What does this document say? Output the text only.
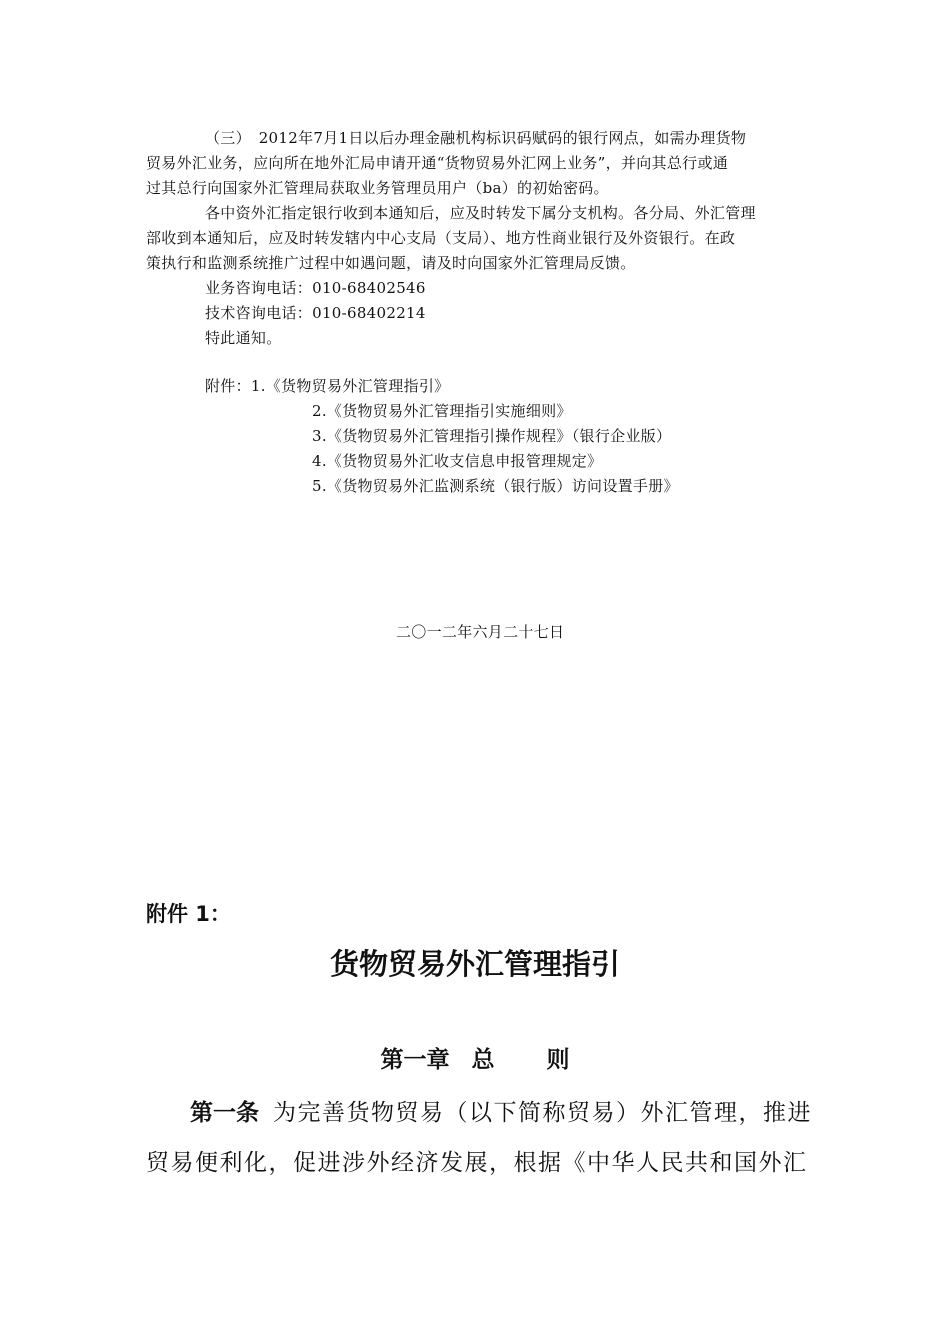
（三）　2012年7月1日以后办理金融机构标识码赋码的银行网点，如需办理货物
贸易外汇业务，应向所在地外汇局申请开通“货物贸易外汇网上业务”，并向其总行或通
过其总行向国家外汇管理局获取业务管理员用户（ba）的初始密码。
各中资外汇指定银行收到本通知后，应及时转发下属分支机构。各分局、外汇管理
部收到本通知后，应及时转发辖内中心支局（支局）、地方性商业银行及外资银行。在政
策执行和监测系统推广过程中如遇问题，请及时向国家外汇管理局反馈。
业务咨询电话：010-68402546
技术咨询电话：010-68402214
特此通知。
附件：1.《货物贸易外汇管理指引》
2.《货物贸易外汇管理指引实施细则》
3.《货物贸易外汇管理指引操作规程》（银行企业版）
4.《货物贸易外汇收支信息申报管理规定》
5.《货物贸易外汇监测系统（银行版）访问设置手册》
二〇一二年六月二十七日
附件 1：
货物贸易外汇管理指引
第一章 总 则
第一条 为完善货物贸易（以下简称贸易）外汇管理，推进
贸易便利化，促进涉外经济发展，根据《中华人民共和国外汇
